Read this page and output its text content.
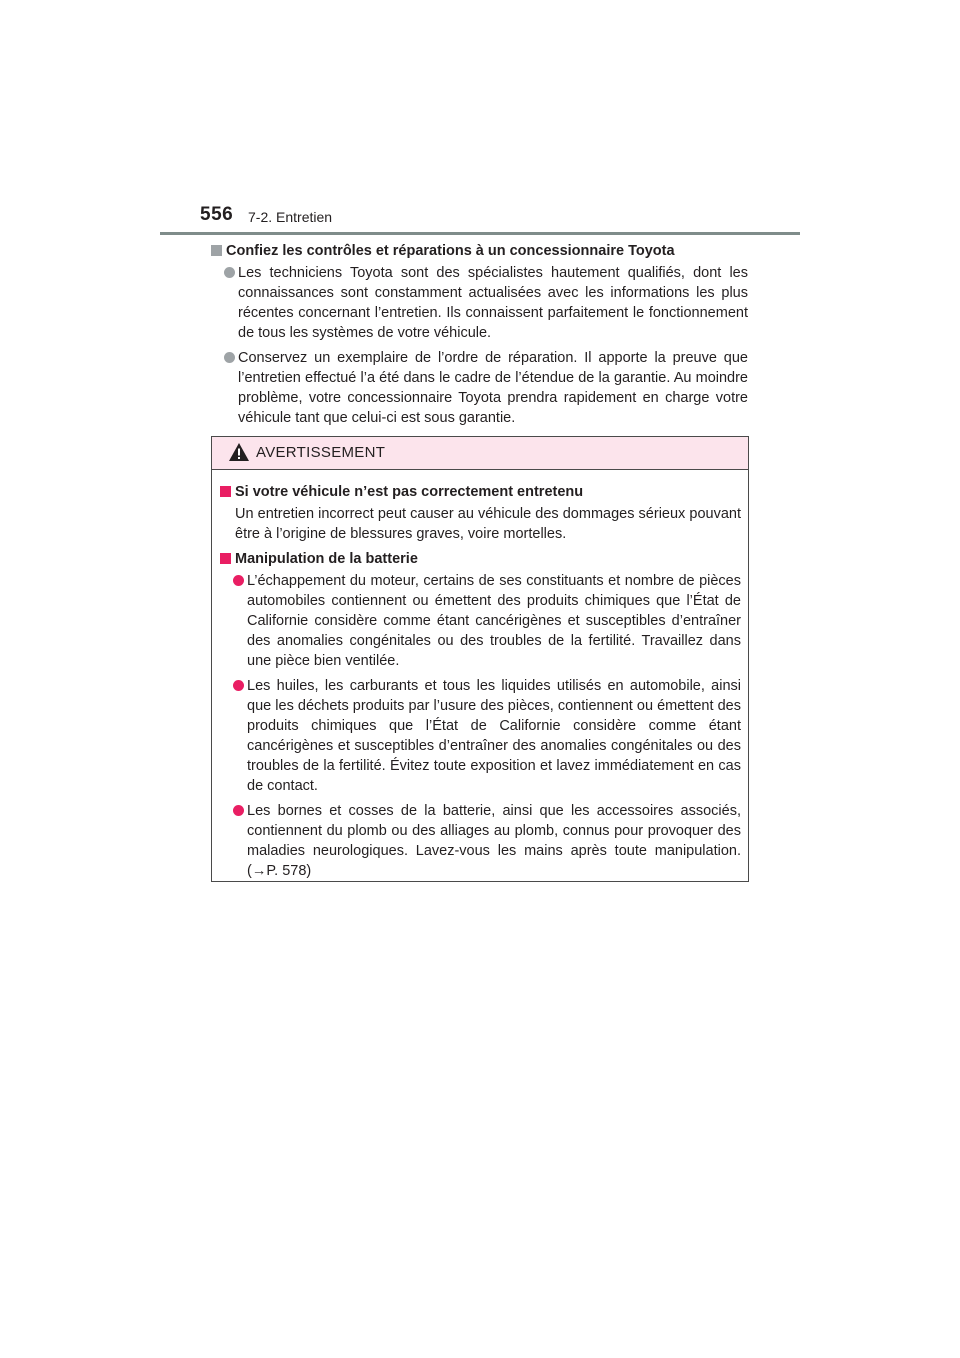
556 7-2. Entretien
Confiez les contrôles et réparations à un concessionnaire Toyota
Les techniciens Toyota sont des spécialistes hautement qualifiés, dont les connaissances sont constamment actualisées avec les informations les plus récentes concernant l’entretien. Ils connaissent parfaitement le fonctionnement de tous les systèmes de votre véhicule.
Conservez un exemplaire de l’ordre de réparation. Il apporte la preuve que l’entretien effectué l’a été dans le cadre de l’étendue de la garantie. Au moindre problème, votre concessionnaire Toyota prendra rapidement en charge votre véhicule tant que celui-ci est sous garantie.
AVERTISSEMENT
Si votre véhicule n’est pas correctement entretenu
Un entretien incorrect peut causer au véhicule des dommages sérieux pouvant être à l’origine de blessures graves, voire mortelles.
Manipulation de la batterie
L’échappement du moteur, certains de ses constituants et nombre de pièces automobiles contiennent ou émettent des produits chimiques que l’État de Californie considère comme étant cancérigènes et susceptibles d’entraîner des anomalies congénitales ou des troubles de la fertilité. Travaillez dans une pièce bien ventilée.
Les huiles, les carburants et tous les liquides utilisés en automobile, ainsi que les déchets produits par l’usure des pièces, contiennent ou émettent des produits chimiques que l’État de Californie considère comme étant cancérigènes et susceptibles d’entraîner des anomalies congénitales ou des troubles de la fertilité. Évitez toute exposition et lavez immédiatement en cas de contact.
Les bornes et cosses de la batterie, ainsi que les accessoires associés, contiennent du plomb ou des alliages au plomb, connus pour provoquer des maladies neurologiques. Lavez-vous les mains après toute manipulation. (→P. 578)
